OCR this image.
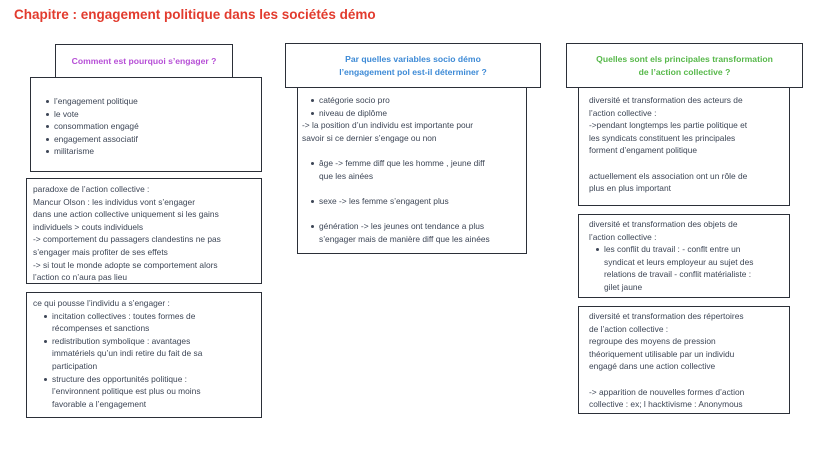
Chapitre : engagement politique dans les sociétés démo
Comment est pourquoi s’engager ?
l’engagement politique
le vote
consommation engagé
engagement associatif
militarisme
paradoxe de l’action collective :
Mancur Olson : les individus vont s’engager
dans une action collective uniquement si les gains
individuels > couts individuels
-> comportement du passagers clandestins ne pas
s’engager mais profiter de ses effets
-> si tout le monde adopte se comportement alors
l’action co n’aura pas lieu
ce qui pousse l’individu a s’engager :
incitation collectives : toutes formes de
récompenses et sanctions
redistribution symbolique : avantages
immatériels qu’un indi retire du fait de sa
participation
structure des opportunités politique :
l’environnent politique est plus ou moins
favorable a l’engagement
Par quelles variables socio démo
l’engagement pol est-il déterminer ?
catégorie socio pro
niveau de diplôme
-> la position d’un individu est importante pour
savoir si ce dernier s’engage ou non
âge -> femme diff que les homme , jeune diff
que les ainées
sexe -> les femme s’engagent plus
génération -> les jeunes ont tendance a plus
s’engager mais de manière diff que les ainées
Quelles sont els principales transformation
de l’action collective ?
diversité et transformation des acteurs de
l’action collective :
->pendant longtemps les partie politique et
les syndicats constituent les principales
forment d’engament politique
actuellement els association ont un rôle de
plus en plus important
diversité et transformation des objets de
l’action collective :
les conflit du travail : - conflt entre un
syndicat et leurs employeur au sujet des
relations de travail - conflit matérialiste :
gilet jaune
diversité et transformation des répertoires
de l’action collective :
regroupe des moyens de pression
théoriquement utilisable par un individu
engagé dans une action collective
-> apparition de nouvelles formes d’action
collective : ex; l hacktivisme : Anonymous
